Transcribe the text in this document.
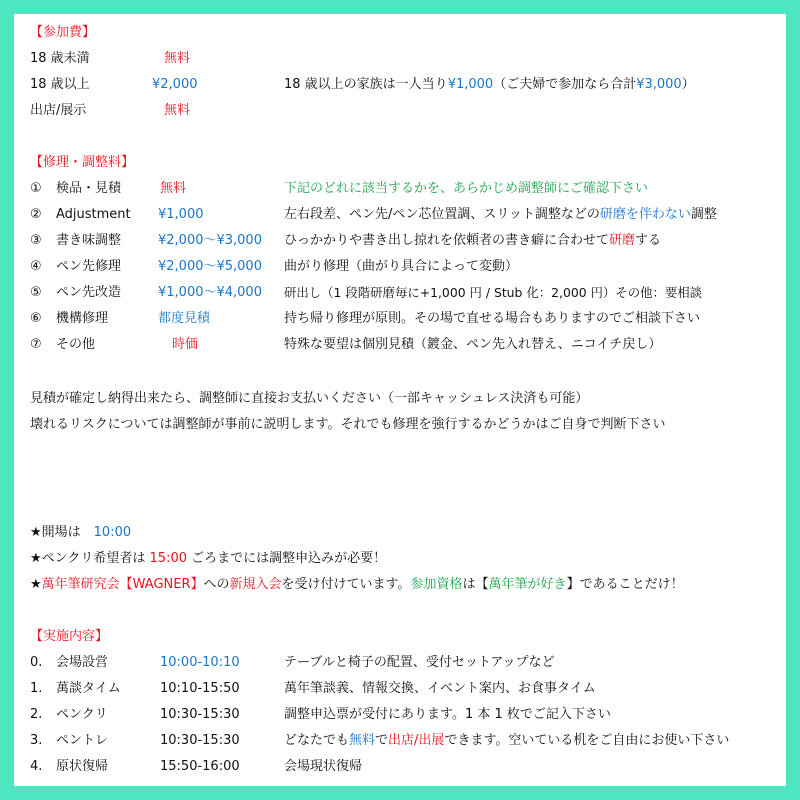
【参加費】
18 歳未満	無料
18 歳以上	¥2,000	18 歳以上の家族は一人当り¥1,000（ご夫婦で参加なら合計¥3,000）
出店/展示	無料
【修理・調整料】
① 検品・見積	無料	下記のどれに該当するかを、あらかじめ調整師にご確認下さい
② Adjustment ¥1,000	左右段差、ペン先/ペン芯位置調、スリット調整などの研磨を伴わない調整
③ 書き味調整	¥2,000～¥3,000 ひっかかりや書き出し掠れを依頼者の書き癖に合わせて研磨する
④ ペン先修理	¥2,000～¥5,000 曲がり修理（曲がり具合によって変動）
⑤ ペン先改造	¥1,000～¥4,000 研出し（1 段階研磨毎に+1,000 円 / Stub 化：2,000 円）その他：要相談
⑥ 機構修理	都度見積	持ち帰り修理が原則。その場で直せる場合もありますのでご相談下さい
⑦ その他	時価	特殊な要望は個別見積（鍍金、ペン先入れ替え、ニコイチ戻し）
見積が確定し納得出来たら、調整師に直接お支払いください（一部キャッシュレス決済も可能）
壊れるリスクについては調整師が事前に説明します。それでも修理を強行するかどうかはご自身で判断下さい
★開場は　10:00
★ペンクリ希望者は 15:00 ごろまでには調整申込みが必要！
★萬年筆研究会【WAGNER】への新規入会を受け付けています。参加資格は【萬年筆が好き】であることだけ！
【実施内容】
0. 会場設営	10:00-10:10	テーブルと椅子の配置、受付セットアップなど
1. 萬談タイム	10:10-15:50	萬年筆談義、情報交換、イベント案内、お食事タイム
2. ペンクリ	10:30-15:30	調整申込票が受付にあります。1 本 1 枚でご記入下さい
3. ペントレ	10:30-15:30	どなたでも無料で出店/出展できます。空いている机をご自由にお使い下さい
4. 原状復帰	15:50-16:00	会場現状復帰
